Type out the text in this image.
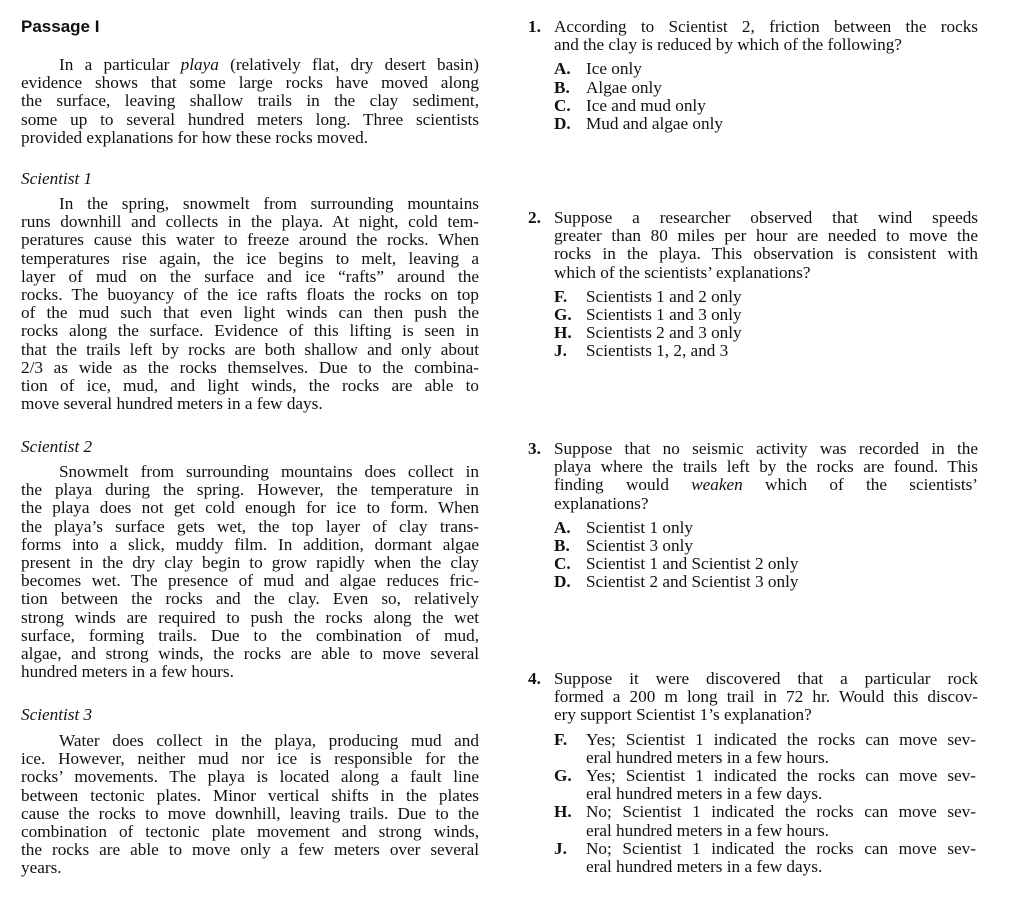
Passage I
In a particular playa (relatively flat, dry desert basin)
evidence shows that some large rocks have moved along
the surface, leaving shallow trails in the clay sediment,
some up to several hundred meters long. Three scientists
provided explanations for how these rocks moved.

Scientist 1

In the spring, snowmelt from surrounding mountains
runs downhill and collects in the playa. At night, cold tem-
peratures cause this water to freeze around the rocks. When
temperatures rise again, the ice begins to melt, leaving a
layer of mud on the surface and ice “rafts” around the
rocks. The buoyancy of the ice rafts floats the rocks on top
of the mud such that even light winds can then push the
rocks along the surface. Evidence of this lifting is seen in
that the trails left by rocks are both shallow and only about
2/3 as wide as the rocks themselves. Due to the combina-
tion of ice, mud, and light winds, the rocks are able to
move several hundred meters in a few days.

Scientist 2

Snowmelt from surrounding mountains does collect in
the playa during the spring. However, the temperature in
the playa does not get cold enough for ice to form. When
the playa’s surface gets wet, the top layer of clay trans-
forms into a slick, muddy film. In addition, dormant algae
present in the dry clay begin to grow rapidly when the clay
becomes wet. The presence of mud and algae reduces fric-
tion between the rocks and the clay. Even so, relatively
strong winds are required to push the rocks along the wet
surface, forming trails. Due to the combination of mud,
algae, and strong winds, the rocks are able to move several
hundred meters in a few hours.

Scientist 3

Water does collect in the playa, producing mud and
ice. However, neither mud nor ice is responsible for the
rocks’ movements. The playa is located along a fault line
between tectonic plates. Minor vertical shifts in the plates
cause the rocks to move downhill, leaving trails. Due to the
combination of tectonic plate movement and strong winds,
the rocks are able to move only a few meters over several
years.
1. According to Scientist 2, friction between the rocks
and the clay is reduced by which of the following?
A. Ice only
B. Algae only
C. Ice and mud only
D. Mud and algae only
2. Suppose a researcher observed that wind speeds
greater than 80 miles per hour are needed to move the
rocks in the playa. This observation is consistent with
which of the scientists’ explanations?
F. Scientists 1 and 2 only
G. Scientists 1 and 3 only
H. Scientists 2 and 3 only
J. Scientists 1, 2, and 3
3. Suppose that no seismic activity was recorded in the
playa where the trails left by the rocks are found. This
finding would weaken which of the scientists’
explanations?
A. Scientist 1 only
B. Scientist 3 only
C. Scientist 1 and Scientist 2 only
D. Scientist 2 and Scientist 3 only
4. Suppose it were discovered that a particular rock
formed a 200 m long trail in 72 hr. Would this discov-
ery support Scientist 1’s explanation?
F. Yes; Scientist 1 indicated the rocks can move sev-
eral hundred meters in a few hours.
G. Yes; Scientist 1 indicated the rocks can move sev-
eral hundred meters in a few days.
H. No; Scientist 1 indicated the rocks can move sev-
eral hundred meters in a few hours.
J. No; Scientist 1 indicated the rocks can move sev-
eral hundred meters in a few days.
